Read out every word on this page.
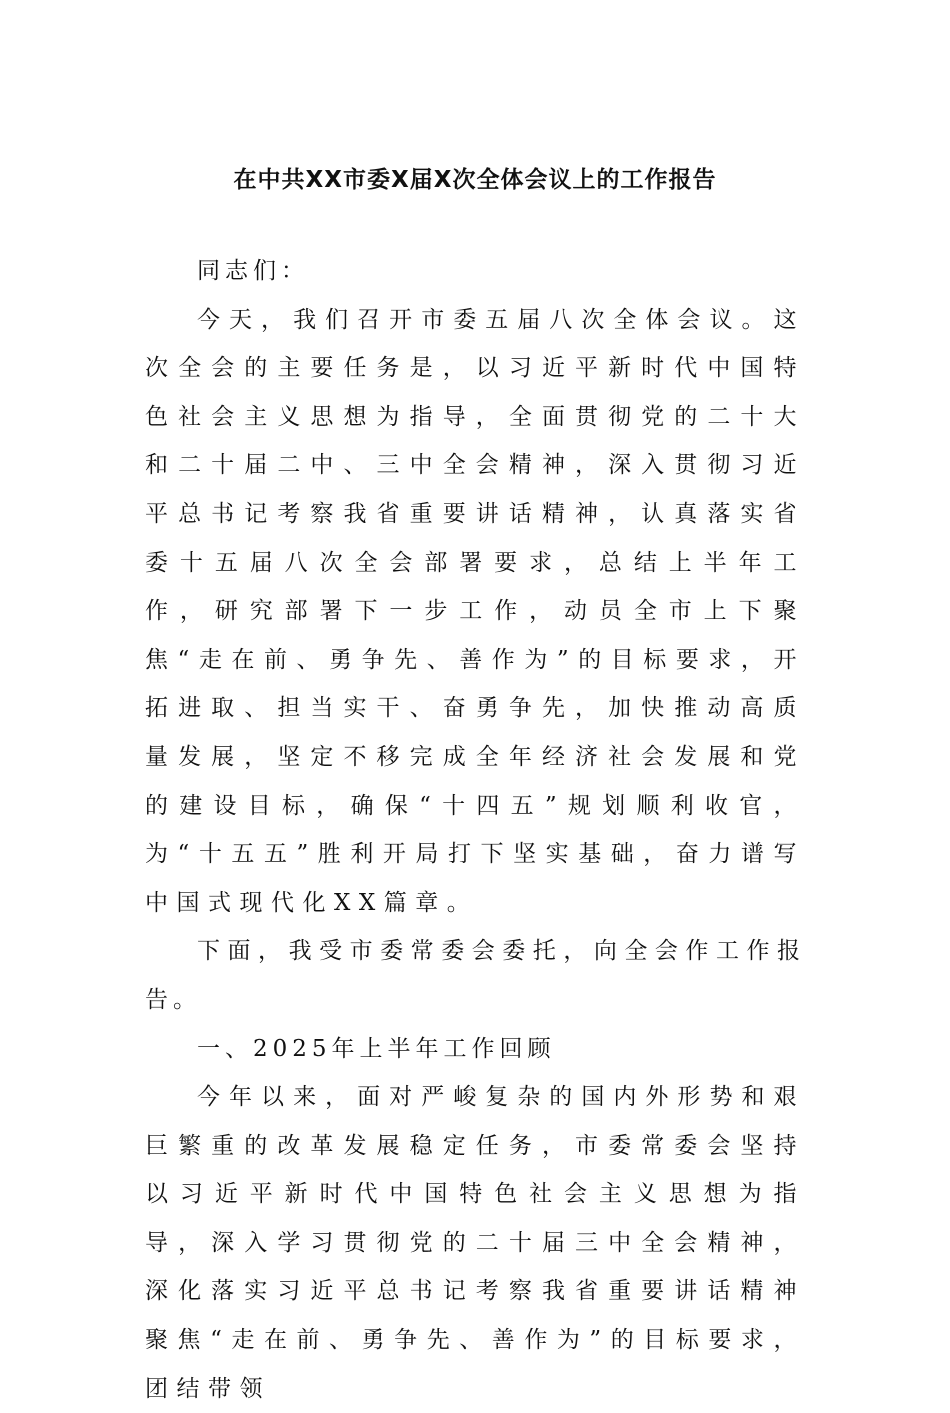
在中共XX市委X届X次全体会议上的工作报告

同志们：

今天，我们召开市委五届八次全体会议。这次全会的主要任务是，以习近平新时代中国特色社会主义思想为指导，全面贯彻党的二十大和二十届二中、三中全会精神，深入贯彻习近平总书记考察我省重要讲话精神，认真落实省委十五届八次全会部署要求，总结上半年工作，研究部署下一步工作，动员全市上下聚焦“走在前、勇争先、善作为”的目标要求，开拓进取、担当实干、奋勇争先，加快推动高质量发展，坚定不移完成全年经济社会发展和党的建设目标，确保“十四五”规划顺利收官，为“十五五”胜利开局打下坚实基础，奋力谱写中国式现代化XX篇章。

下面，我受市委常委会委托，向全会作工作报告。

一、2025年上半年工作回顾

今年以来，面对严峻复杂的国内外形势和艰巨繁重的改革发展稳定任务，市委常委会坚持以习近平新时代中国特色社会主义思想为指导，深入学习贯彻党的二十届三中全会精神，深化落实习近平总书记考察我省重要讲话精神聚焦“走在前、勇争先、善作为”的目标要求，团结带领
